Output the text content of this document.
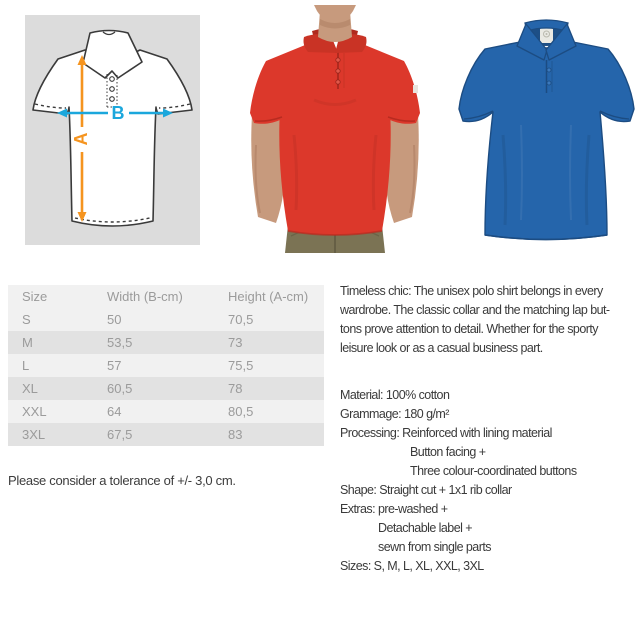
A
B
Size	Width (B-cm)	Height (A-cm)
S	50	70,5
M	53,5	73
L	57	75,5
XL	60,5	78
XXL	64	80,5
3XL	67,5	83
Please consider a tolerance of +/- 3,0 cm.
Timeless chic: The unisex polo shirt belongs in every
wardrobe. The classic collar and the matching lap but-
tons prove attention to detail. Whether for the sporty
leisure look or as a casual business part.
Material: 100% cotton
Grammage: 180 g/m²
Processing: Reinforced with lining material
Button facing +
Three colour-coordinated buttons
Shape: Straight cut + 1x1 rib collar
Extras: pre-washed +
Detachable label +
sewn from single parts
Sizes: S, M, L, XL, XXL, 3XL
